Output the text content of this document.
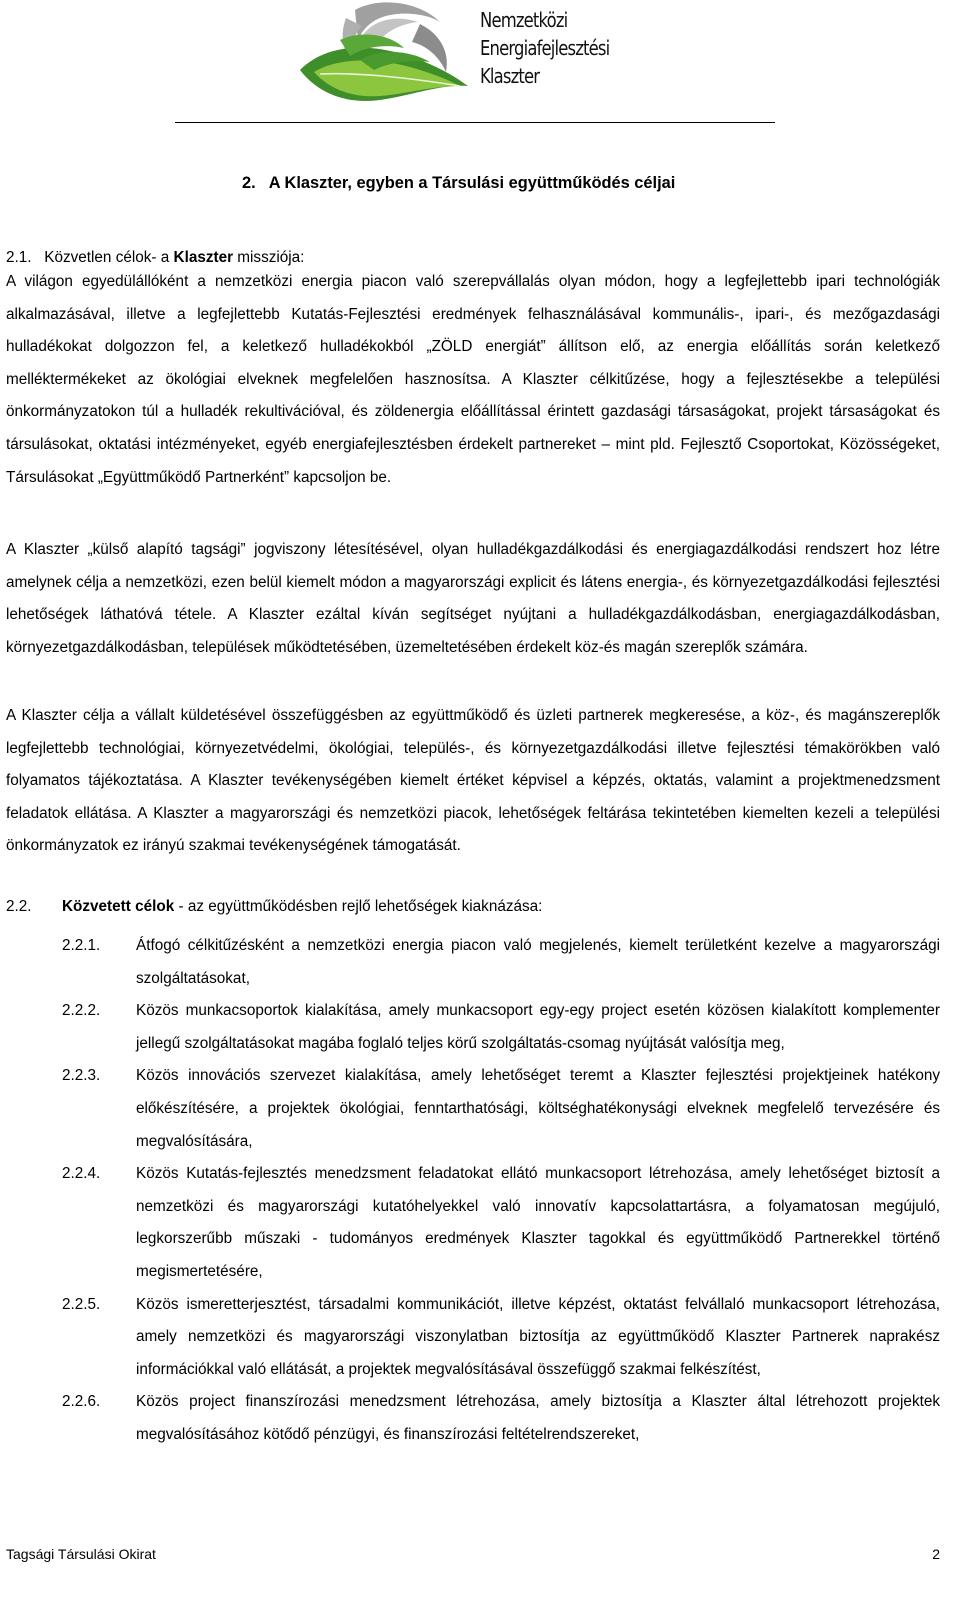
Nemzetközi
Energiafejlesztési
Klaszter
2.   A Klaszter, egyben a Társulási együttműködés céljai
2.1.   Közvetlen célok- a Klaszter missziója:

A világon egyedülállóként a nemzetközi energia piacon való szerepvállalás olyan módon, hogy a legfejlettebb ipari technológiák alkalmazásával, illetve a legfejlettebb Kutatás-Fejlesztési eredmények felhasználásával kommunális-, ipari-, és mezőgazdasági hulladékokat dolgozzon fel, a keletkező hulladékokból „ZÖLD energiát” állítson elő, az energia előállítás során keletkező melléktermékeket az ökológiai elveknek megfelelően hasznosítsa. A Klaszter célkitűzése, hogy a fejlesztésekbe a települési önkormányzatokon túl a hulladék rekultivációval, és zöldenergia előállítással érintett gazdasági társaságokat, projekt társaságokat és társulásokat, oktatási intézményeket, egyéb energiafejlesztésben érdekelt partnereket – mint pld. Fejlesztő Csoportokat, Közösségeket, Társulásokat „Együttműködő Partnerként” kapcsoljon be.

A Klaszter „külső alapító tagsági” jogviszony létesítésével, olyan hulladékgazdálkodási és energiagazdálkodási rendszert hoz létre amelynek célja a nemzetközi, ezen belül kiemelt módon a magyarországi explicit és látens energia-, és környezetgazdálkodási fejlesztési lehetőségek láthatóvá tétele. A Klaszter ezáltal kíván segítséget nyújtani a hulladékgazdálkodásban, energiagazdálkodásban, környezetgazdálkodásban, települések működtetésében, üzemeltetésében érdekelt köz-és magán szereplők számára.

A Klaszter célja a vállalt küldetésével összefüggésben az együttműködő és üzleti partnerek megkeresése, a köz-, és magánszereplők legfejlettebb technológiai, környezetvédelmi, ökológiai, település-, és környezetgazdálkodási illetve fejlesztési témakörökben való folyamatos tájékoztatása. A Klaszter tevékenységében kiemelt értéket képvisel a képzés, oktatás, valamint a projektmenedzsment feladatok ellátása. A Klaszter a magyarországi és nemzetközi piacok, lehetőségek feltárása tekintetében kiemelten kezeli a települési önkormányzatok ez irányú szakmai tevékenységének támogatását.

2.2. Közvetett célok - az együttműködésben rejlő lehetőségek kiaknázása:
2.2.1. Átfogó célkitűzésként a nemzetközi energia piacon való megjelenés, kiemelt területként kezelve a magyarországi szolgáltatásokat,
2.2.2. Közös munkacsoportok kialakítása, amely munkacsoport egy-egy project esetén közösen kialakított komplementer jellegű szolgáltatásokat magába foglaló teljes körű szolgáltatás-csomag nyújtását valósítja meg,
2.2.3. Közös innovációs szervezet kialakítása, amely lehetőséget teremt a Klaszter fejlesztési projektjeinek hatékony előkészítésére, a projektek ökológiai, fenntarthatósági, költséghatékonysági elveknek megfelelő tervezésére és megvalósítására,
2.2.4. Közös Kutatás-fejlesztés menedzsment feladatokat ellátó munkacsoport létrehozása, amely lehetőséget biztosít a nemzetközi és magyarországi kutatóhelyekkel való innovatív kapcsolattartásra, a folyamatosan megújuló, legkorszerűbb műszaki - tudományos eredmények Klaszter tagokkal és együttműködő Partnerekkel történő megismertetésére,
2.2.5. Közös ismeretterjesztést, társadalmi kommunikációt, illetve képzést, oktatást felvállaló munkacsoport létrehozása, amely nemzetközi és magyarországi viszonylatban biztosítja az együttműködő Klaszter Partnerek naprakész információkkal való ellátását, a projektek megvalósításával összefüggő szakmai felkészítést,
2.2.6. Közös project finanszírozási menedzsment létrehozása, amely biztosítja a Klaszter által létrehozott projektek megvalósításához kötődő pénzügyi, és finanszírozási feltételrendszereket,
Tagsági Társulási Okirat	2
